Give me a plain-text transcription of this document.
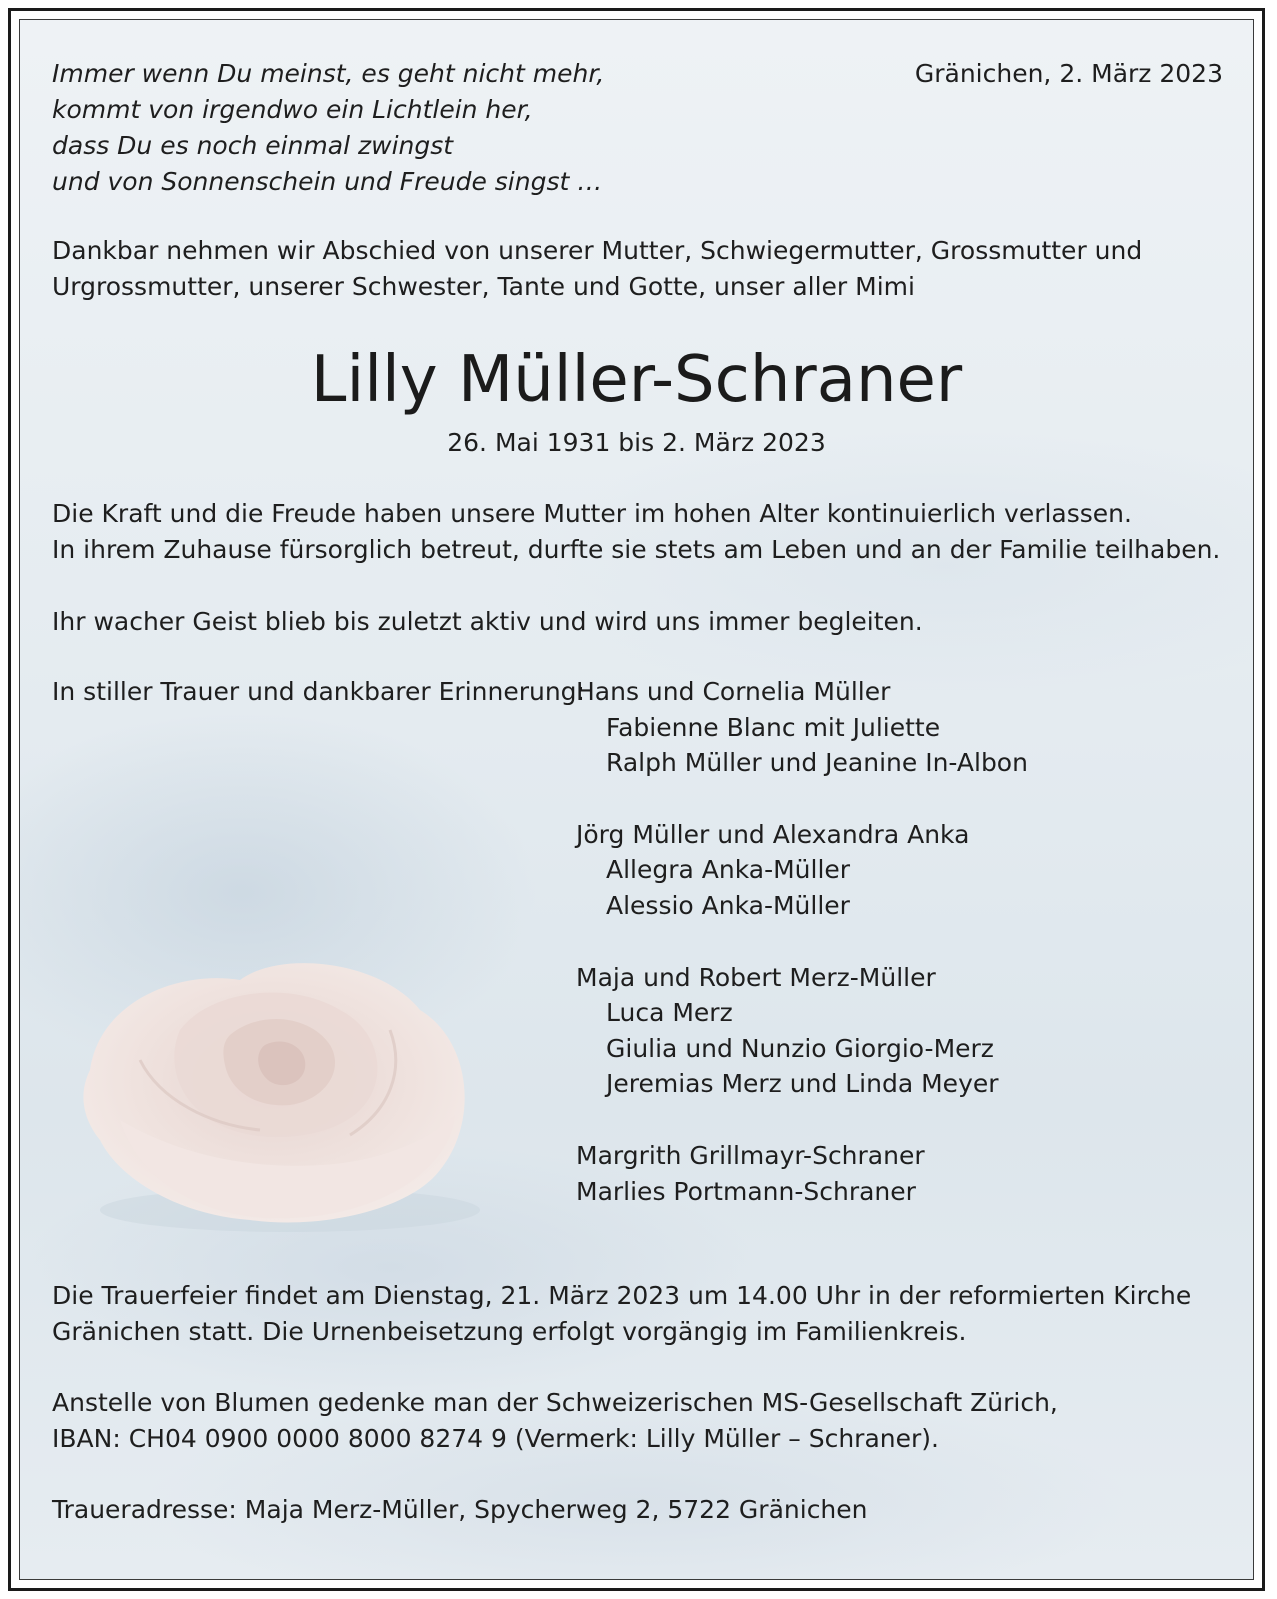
Immer wenn Du meinst, es geht nicht mehr,
kommt von irgendwo ein Lichtlein her,
dass Du es noch einmal zwingst
und von Sonnenschein und Freude singst …
Gränichen, 2. März 2023
Dankbar nehmen wir Abschied von unserer Mutter, Schwiegermutter, Grossmutter und
Urgrossmutter, unserer Schwester, Tante und Gotte, unser aller Mimi
Lilly Müller-Schraner
26. Mai 1931 bis 2. März 2023
Die Kraft und die Freude haben unsere Mutter im hohen Alter kontinuierlich verlassen.
In ihrem Zuhause fürsorglich betreut, durfte sie stets am Leben und an der Familie teilhaben.
Ihr wacher Geist blieb bis zuletzt aktiv und wird uns immer begleiten.
In stiller Trauer und dankbarer Erinnerung:
Hans und Cornelia Müller
Fabienne Blanc mit Juliette
Ralph Müller und Jeanine In-Albon
Jörg Müller und Alexandra Anka
Allegra Anka-Müller
Alessio Anka-Müller
Maja und Robert Merz-Müller
Luca Merz
Giulia und Nunzio Giorgio-Merz
Jeremias Merz und Linda Meyer
Margrith Grillmayr-Schraner
Marlies Portmann-Schraner
Die Trauerfeier findet am Dienstag, 21. März 2023 um 14.00 Uhr in der reformierten Kirche
Gränichen statt. Die Urnenbeisetzung erfolgt vorgängig im Familienkreis.
Anstelle von Blumen gedenke man der Schweizerischen MS-Gesellschaft Zürich,
IBAN: CH04 0900 0000 8000 8274 9 (Vermerk: Lilly Müller – Schraner).
Traueradresse: Maja Merz-Müller, Spycherweg 2, 5722 Gränichen
